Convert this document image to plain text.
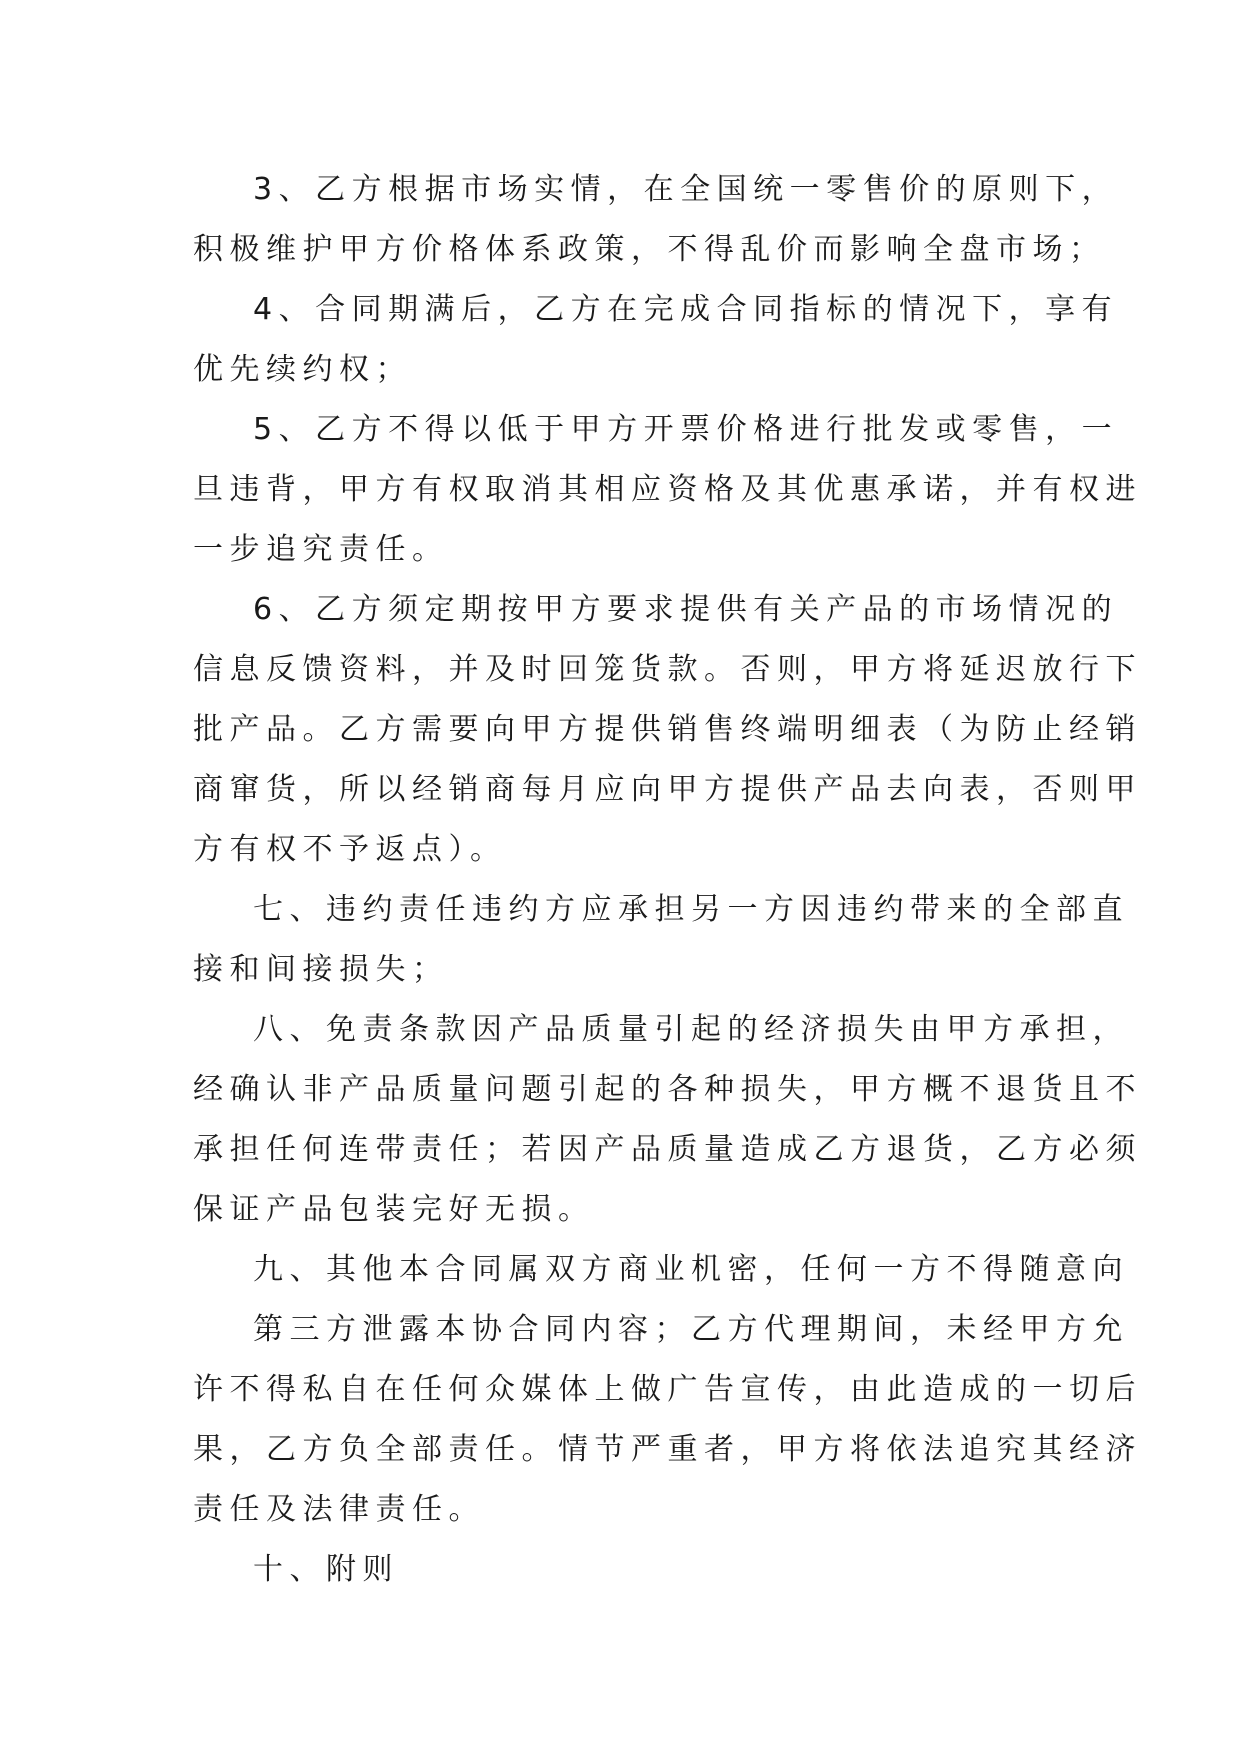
3、乙方根据市场实情，在全国统一零售价的原则下，
积极维护甲方价格体系政策，不得乱价而影响全盘市场；
4、合同期满后，乙方在完成合同指标的情况下，享有
优先续约权；
5、乙方不得以低于甲方开票价格进行批发或零售，一
旦违背，甲方有权取消其相应资格及其优惠承诺，并有权进
一步追究责任。
6、乙方须定期按甲方要求提供有关产品的市场情况的
信息反馈资料，并及时回笼货款。否则，甲方将延迟放行下
批产品。乙方需要向甲方提供销售终端明细表（为防止经销
商窜货，所以经销商每月应向甲方提供产品去向表，否则甲
方有权不予返点）。
七、违约责任违约方应承担另一方因违约带来的全部直
接和间接损失；
八、免责条款因产品质量引起的经济损失由甲方承担，
经确认非产品质量问题引起的各种损失，甲方概不退货且不
承担任何连带责任；若因产品质量造成乙方退货，乙方必须
保证产品包装完好无损。
九、其他本合同属双方商业机密，任何一方不得随意向
第三方泄露本协合同内容；乙方代理期间，未经甲方允
许不得私自在任何众媒体上做广告宣传，由此造成的一切后
果，乙方负全部责任。情节严重者，甲方将依法追究其经济
责任及法律责任。
十、附则
